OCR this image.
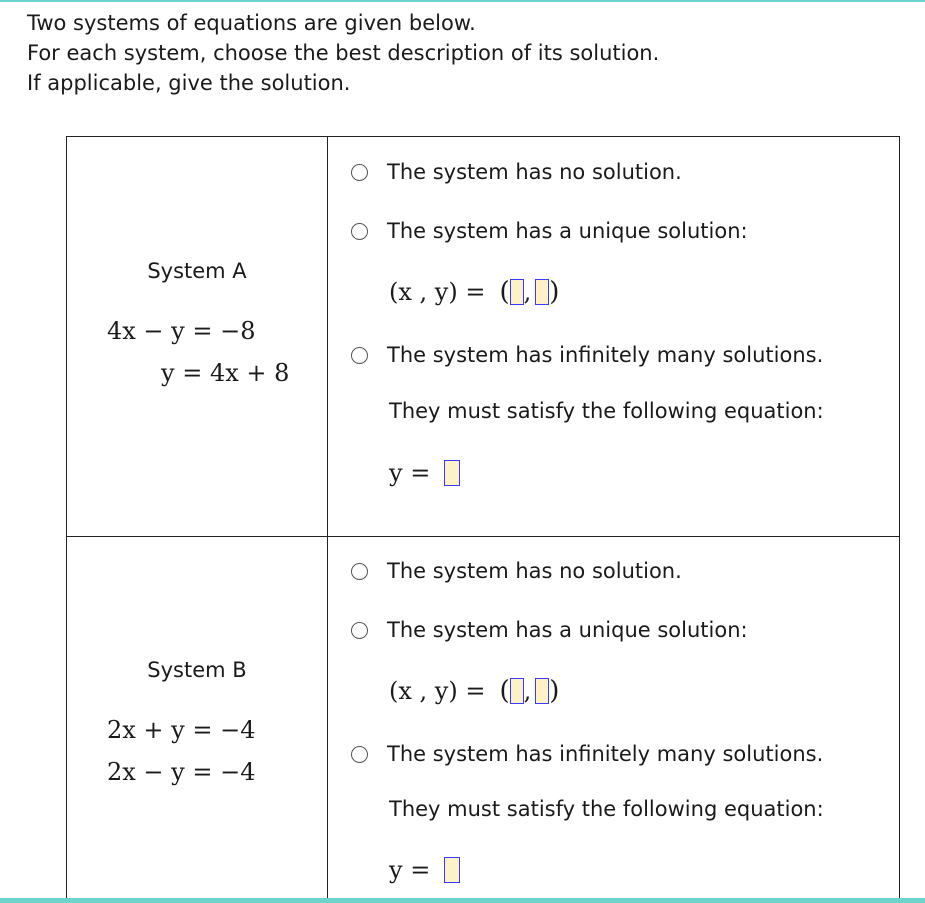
Two systems of equations are given below.
For each system, choose the best description of its solution.
If applicable, give the solution.
System A
4x − y = −8
y = 4x + 8
The system has no solution.
The system has a unique solution:
(x , y) = ( , )
The system has infinitely many solutions.
They must satisfy the following equation:
y =
System B
2x + y = −4
2x − y = −4
The system has no solution.
The system has a unique solution:
(x , y) = ( , )
The system has infinitely many solutions.
They must satisfy the following equation:
y =
